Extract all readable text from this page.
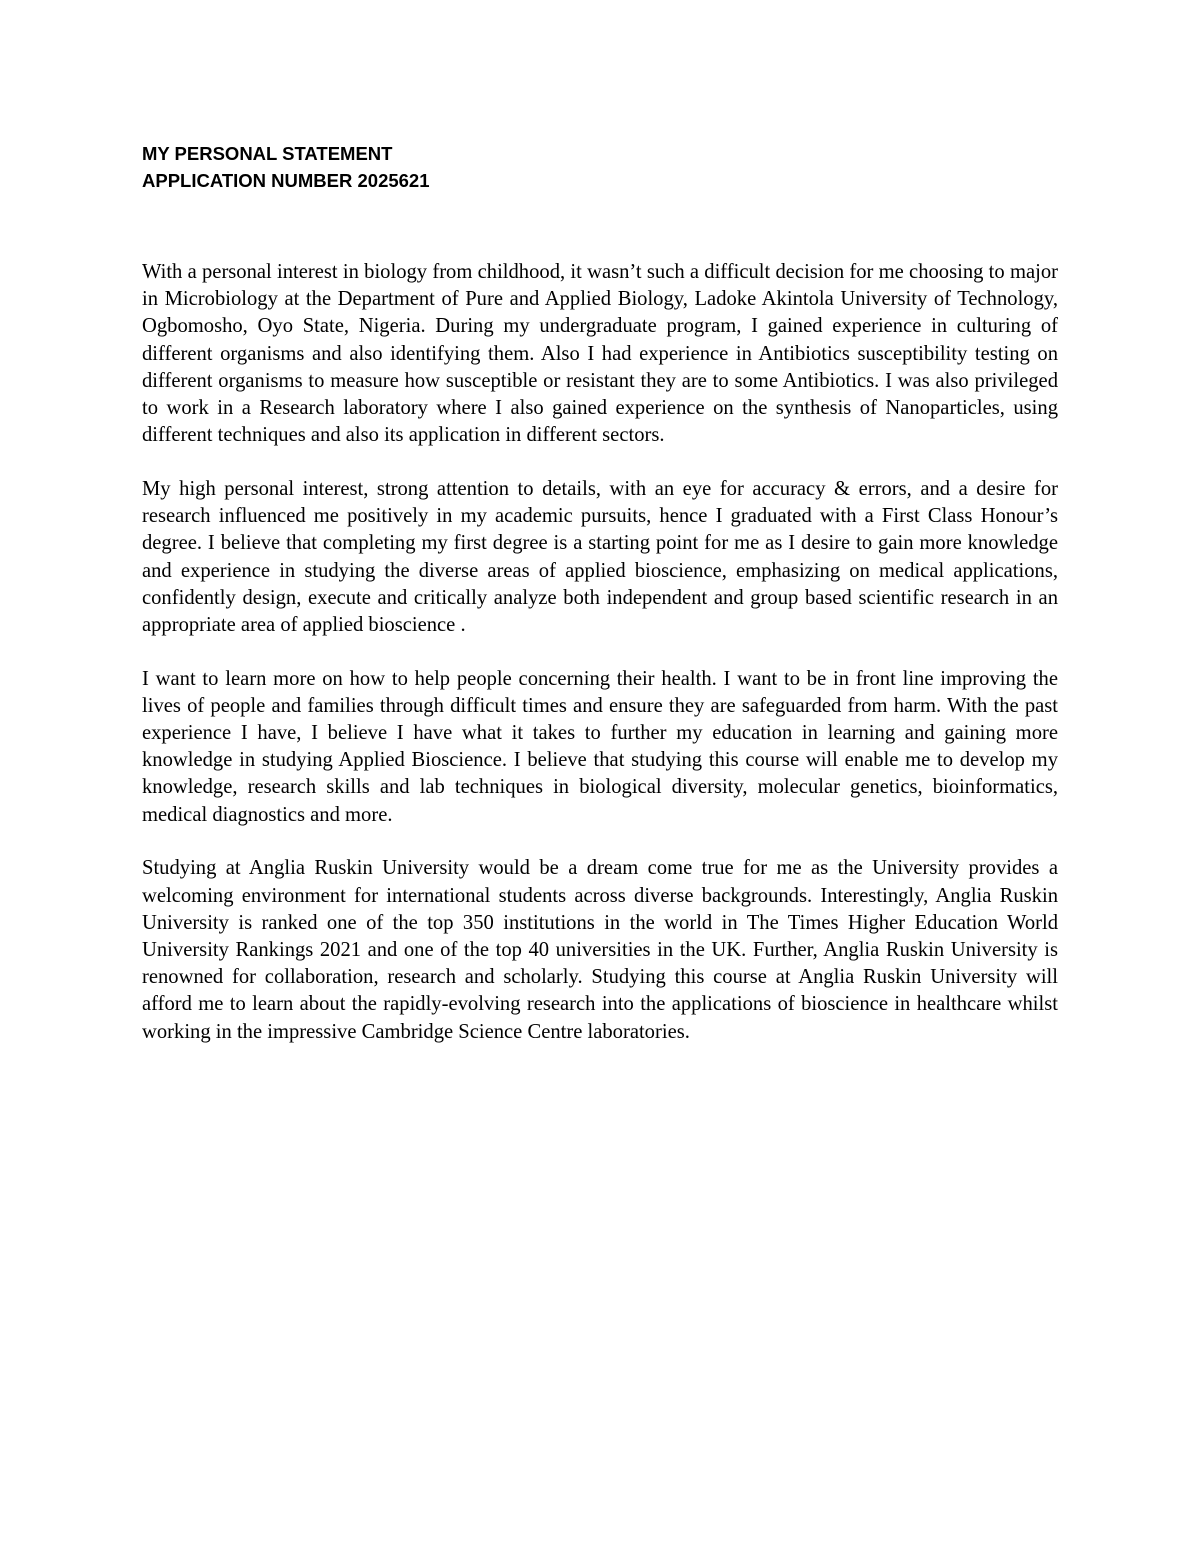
MY PERSONAL STATEMENT

APPLICATION NUMBER 2025621

With a personal interest in biology from childhood, it wasn’t such a difficult decision for me choosing to major in Microbiology at the Department of Pure and Applied Biology, Ladoke Akintola University of Technology, Ogbomosho, Oyo State, Nigeria. During my undergraduate program, I gained experience in culturing of different organisms and also identifying them. Also I had experience in Antibiotics susceptibility testing on different organisms to measure how susceptible or resistant they are to some Antibiotics. I was also privileged to work in a Research laboratory where I also gained experience on the synthesis of Nanoparticles, using different techniques and also its application in different sectors.

My high personal interest, strong attention to details, with an eye for accuracy & errors, and a desire for research influenced me positively in my academic pursuits, hence I graduated with a First Class Honour’s degree. I believe that completing my first degree is a starting point for me as I desire to gain more knowledge and experience in studying the diverse areas of applied bioscience, emphasizing on medical applications, confidently design, execute and critically analyze both independent and group based scientific research in an appropriate area of applied bioscience .

I want to learn more on how to help people concerning their health. I want to be in front line improving the lives of people and families through difficult times and ensure they are safeguarded from harm. With the past experience I have, I believe I have what it takes to further my education in learning and gaining more knowledge in studying Applied Bioscience. I believe that studying this course will enable me to develop my knowledge, research skills and lab techniques in biological diversity, molecular genetics, bioinformatics, medical diagnostics and more.

Studying at Anglia Ruskin University would be a dream come true for me as the University provides a welcoming environment for international students across diverse backgrounds. Interestingly, Anglia Ruskin University is ranked one of the top 350 institutions in the world in The Times Higher Education World University Rankings 2021 and one of the top 40 universities in the UK. Further, Anglia Ruskin University is renowned for collaboration, research and scholarly. Studying this course at Anglia Ruskin University will afford me to learn about the rapidly-evolving research into the applications of bioscience in healthcare whilst working in the impressive Cambridge Science Centre laboratories.
